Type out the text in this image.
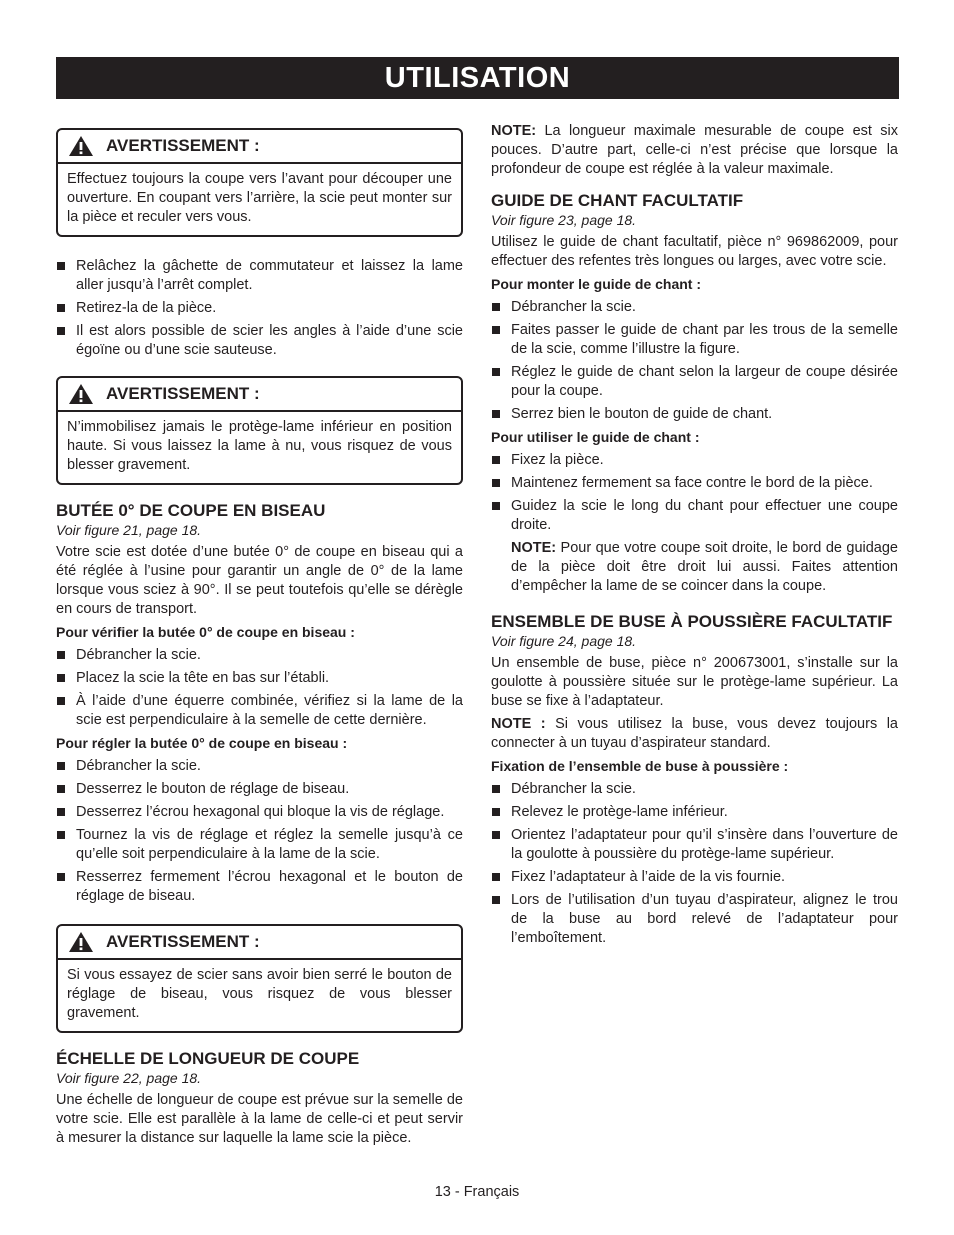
UTILISATION
AVERTISSEMENT :

Effectuez toujours la coupe vers l’avant pour découper une ouverture. En coupant vers l’arrière, la scie peut monter sur la pièce et reculer vers vous.

Relâchez la gâchette de commutateur et laissez la lame aller jusqu’à l’arrêt complet.
Retirez-la de la pièce.
Il est alors possible de scier les angles à l’aide d’une scie égoïne ou d’une scie sauteuse.
AVERTISSEMENT :

N’immobilisez jamais le protège-lame inférieur en position haute. Si vous laissez la lame à nu, vous risquez de vous blesser gravement.

BUTÉE 0° DE COUPE EN BISEAU

Voir figure 21, page 18.

Votre scie est dotée d’une butée 0° de coupe en biseau qui a été réglée à l’usine pour garantir un angle de 0° de la lame lorsque vous sciez à 90°. Il se peut toutefois qu’elle se dérègle en cours de transport.

Pour vérifier la butée 0° de coupe en biseau :

Débrancher la scie.
Placez la scie la tête en bas sur l’établi.
À l’aide d’une équerre combinée, vérifiez si la lame de la scie est perpendiculaire à la semelle de cette dernière.

Pour régler la butée 0° de coupe en biseau :

Débrancher la scie.
Desserrez le bouton de réglage de biseau.
Desserrez l’écrou hexagonal qui bloque la vis de réglage.
Tournez la vis de réglage et réglez la semelle jusqu’à ce qu’elle soit perpendiculaire à la lame de la scie.
Resserrez fermement l’écrou hexagonal et le bouton de réglage de biseau.
AVERTISSEMENT :

Si vous essayez de scier sans avoir bien serré le bouton de réglage de biseau, vous risquez de vous blesser gravement.

ÉCHELLE DE LONGUEUR DE COUPE

Voir figure 22, page 18.

Une échelle de longueur de coupe est prévue sur la semelle de votre scie. Elle est parallèle à la lame de celle-ci et peut servir à mesurer la distance sur laquelle la lame scie la pièce.

NOTE: La longueur maximale mesurable de coupe est six pouces. D’autre part, celle-ci n’est précise que lorsque la profondeur de coupe est réglée à la valeur maximale.

GUIDE DE CHANT FACULTATIF

Voir figure 23, page 18.

Utilisez le guide de chant facultatif, pièce n° 969862009, pour effectuer des refentes très longues ou larges, avec votre scie.

Pour monter le guide de chant :

Débrancher la scie.
Faites passer le guide de chant par les trous de la semelle de la scie, comme l’illustre la figure.
Réglez le guide de chant selon la largeur de coupe désirée pour la coupe.
Serrez bien le bouton de guide de chant.

Pour utiliser le guide de chant :

Fixez la pièce.
Maintenez fermement sa face contre le bord de la pièce.
Guidez la scie le long du chant pour effectuer une coupe droite.

NOTE: Pour que votre coupe soit droite, le bord de guidage de la pièce doit être droit lui aussi. Faites attention d’empêcher la lame de se coincer dans la coupe.

ENSEMBLE DE BUSE À POUSSIÈRE FACULTATIF

Voir figure 24, page 18.

Un ensemble de buse, pièce n° 200673001, s’installe sur la goulotte à poussière située sur le protège-lame supérieur. La buse se fixe à l’adaptateur.

NOTE : Si vous utilisez la buse, vous devez toujours la connecter à un tuyau d’aspirateur standard.

Fixation de l’ensemble de buse à poussière :

Débrancher la scie.
Relevez le protège-lame inférieur.
Orientez l’adaptateur pour qu’il s’insère dans l’ouverture de la goulotte à poussière du protège-lame supérieur.
Fixez l’adaptateur à l’aide de la vis fournie.
Lors de l’utilisation d’un tuyau d’aspirateur, alignez le trou de la buse au bord relevé de l’adaptateur pour l’emboîtement.
13 - Français
